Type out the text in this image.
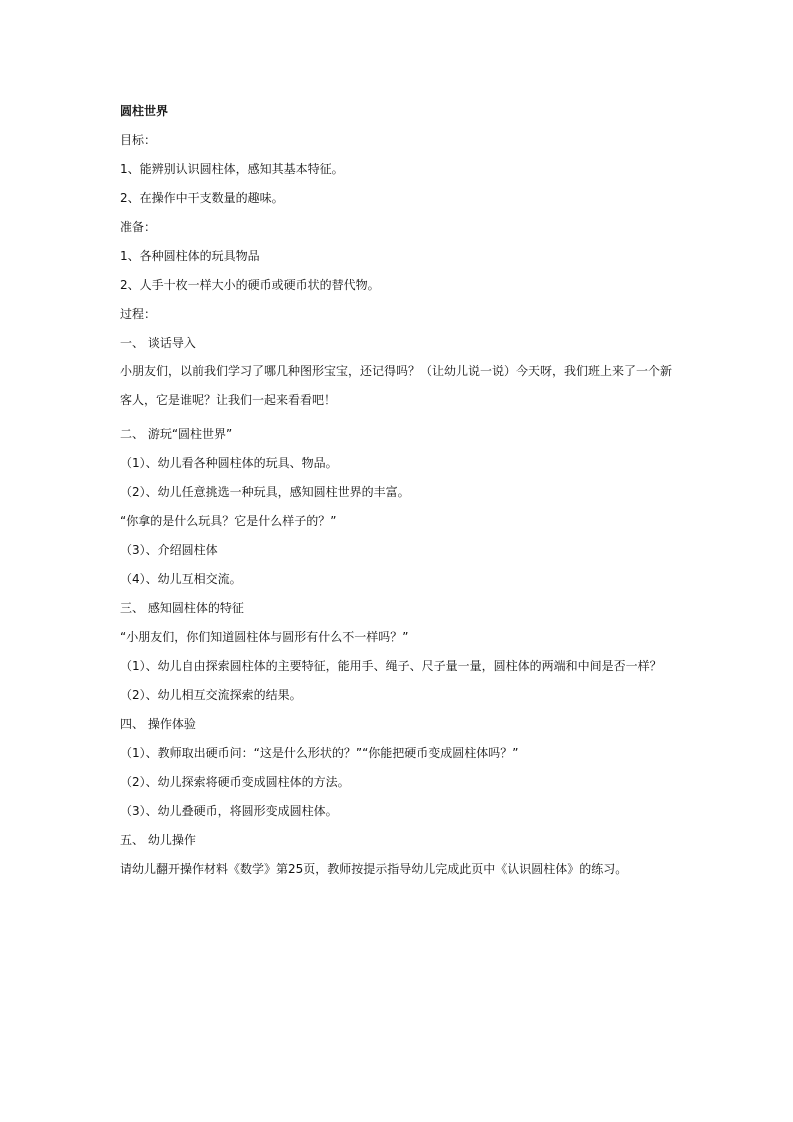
圆柱世界
目标：
1、能辨别认识圆柱体，感知其基本特征。
2、在操作中干支数量的趣味。
准备：
1、各种圆柱体的玩具物品
2、人手十枚一样大小的硬币或硬币状的替代物。
过程：
一、 谈话导入
小朋友们，以前我们学习了哪几种图形宝宝，还记得吗？（让幼儿说一说）今天呀，我们班上来了一个新客人，它是谁呢？让我们一起来看看吧！
二、 游玩“圆柱世界”
（1）、幼儿看各种圆柱体的玩具、物品。
（2）、幼儿任意挑选一种玩具，感知圆柱世界的丰富。
“你拿的是什么玩具？它是什么样子的？”
（3）、介绍圆柱体
（4）、幼儿互相交流。
三、 感知圆柱体的特征
“小朋友们，你们知道圆柱体与圆形有什么不一样吗？”
（1）、幼儿自由探索圆柱体的主要特征，能用手、绳子、尺子量一量，圆柱体的两端和中间是否一样？
（2）、幼儿相互交流探索的结果。
四、 操作体验
（1）、教师取出硬币问：“这是什么形状的？”“你能把硬币变成圆柱体吗？”
（2）、幼儿探索将硬币变成圆柱体的方法。
（3）、幼儿叠硬币，将圆形变成圆柱体。
五、 幼儿操作
请幼儿翻开操作材料《数学》第25页，教师按提示指导幼儿完成此页中《认识圆柱体》的练习。
